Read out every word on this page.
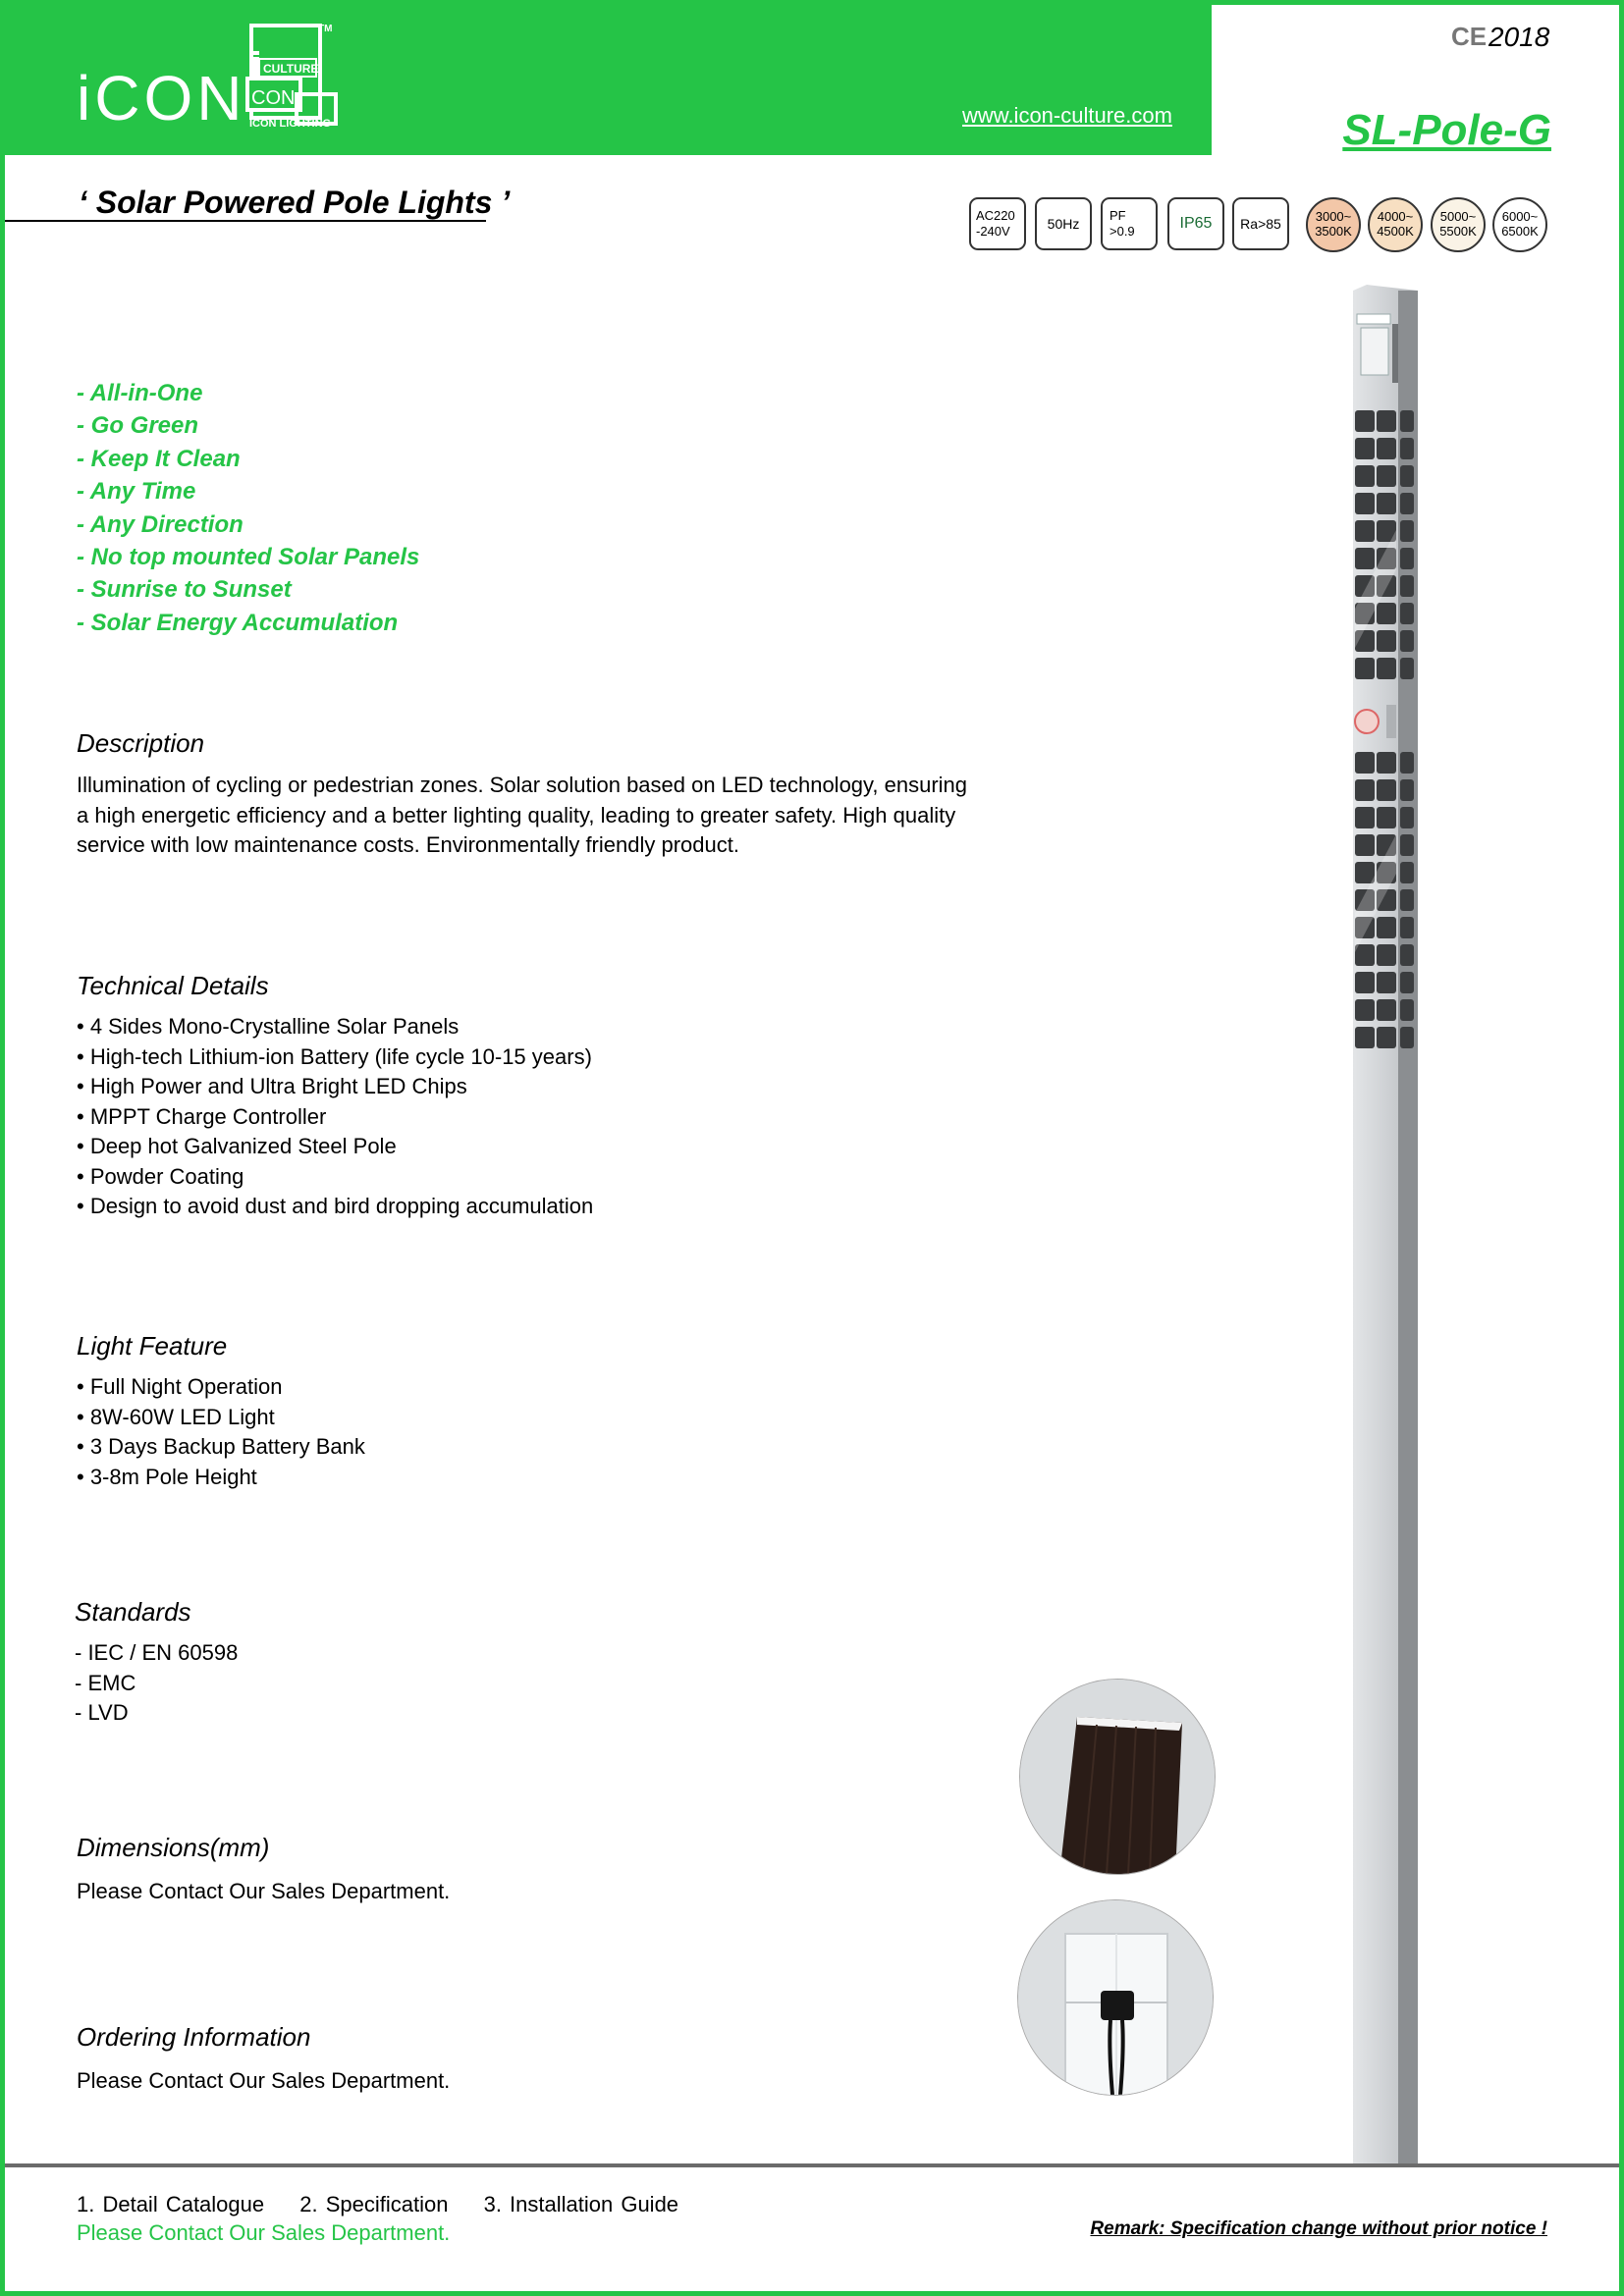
iCON CULTURE
CON
TM
ICON LIGHTING	www.icon-culture.com
CE 2018
SL-Pole-G
‘ Solar Powered Pole Lights ’	AC220-240V	50Hz PF >0.9	IP65 Ra>85	3000~
3500K
4000~
4500K
5000~
5500K
6000~
6500K
- All-in-One
- Go Green
- Keep It Clean
- Any Time
- Any Direction
- No top mounted Solar Panels
- Sunrise to Sunset
- Solar Energy Accumulation
Description
Illumination of cycling or pedestrian zones. Solar solution based on LED technology, ensuring
a high energetic efficiency and a better lighting quality, leading to greater safety. High quality
service with low maintenance costs. Environmentally friendly product.
Technical Details
• 4 Sides Mono-Crystalline Solar Panels
• High-tech Lithium-ion Battery (life cycle 10-15 years)
• High Power and Ultra Bright LED Chips
• MPPT Charge Controller
• Deep hot Galvanized Steel Pole
• Powder Coating
• Design to avoid dust and bird dropping accumulation
Light Feature
• Full Night Operation
• 8W-60W LED Light
• 3 Days Backup Battery Bank
• 3-8m Pole Height
Standards
- IEC / EN 60598
- EMC
- LVD
Dimensions(mm)
Please Contact Our Sales Department.
Ordering Information
Please Contact Our Sales Department.
1. Detail Catalogue 2. Specification 3. Installation Guide
Please Contact Our Sales Department.	Remark: Specification change without prior notice !
